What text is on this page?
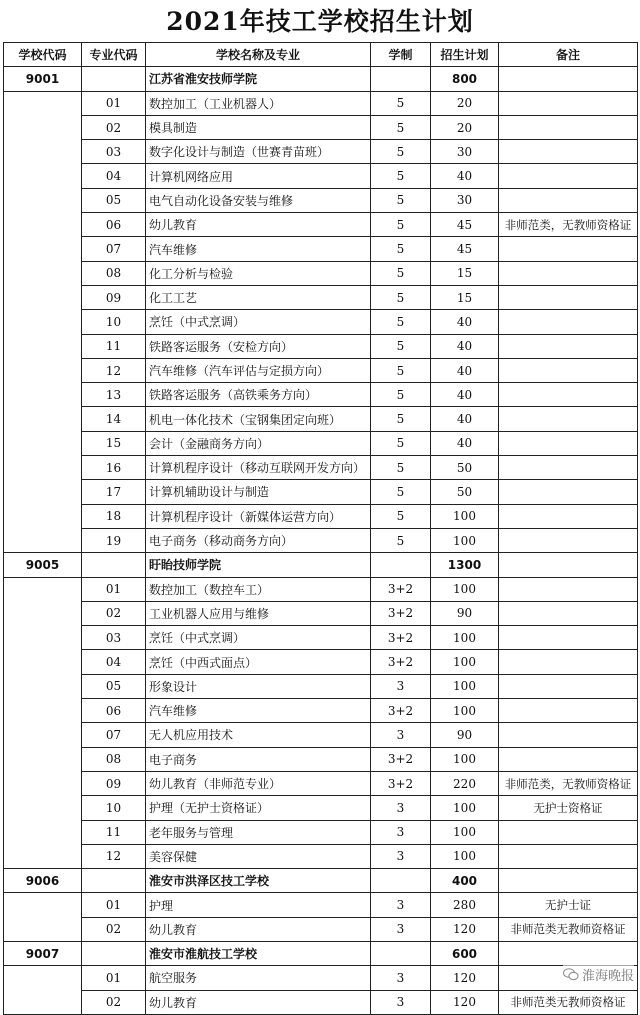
2021年技工学校招生计划
学校代码	专业代码	学校名称及专业	学制	招生计划	备注
9001		江苏省淮安技师学院		800	
	01	数控加工（工业机器人）	5	20	
	02	模具制造	5	20	
	03	数字化设计与制造（世赛青苗班）	5	30	
	04	计算机网络应用	5	40	
	05	电气自动化设备安装与维修	5	30	
	06	幼儿教育	5	45	非师范类，无教师资格证
	07	汽车维修	5	45	
	08	化工分析与检验	5	15	
	09	化工工艺	5	15	
	10	烹饪（中式烹调）	5	40	
	11	铁路客运服务（安检方向）	5	40	
	12	汽车维修（汽车评估与定损方向）	5	40	
	13	铁路客运服务（高铁乘务方向）	5	40	
	14	机电一体化技术（宝钢集团定向班）	5	40	
	15	会计（金融商务方向）	5	40	
	16	计算机程序设计（移动互联网开发方向）	5	50	
	17	计算机辅助设计与制造	5	50	
	18	计算机程序设计（新媒体运营方向）	5	100	
	19	电子商务（移动商务方向）	5	100	
9005		盱眙技师学院		1300	
	01	数控加工（数控车工）	3+2	100	
	02	工业机器人应用与维修	3+2	90	
	03	烹饪（中式烹调）	3+2	100	
	04	烹饪（中西式面点）	3+2	100	
	05	形象设计	3	100	
	06	汽车维修	3+2	100	
	07	无人机应用技术	3	90	
	08	电子商务	3+2	100	
	09	幼儿教育（非师范专业）	3+2	220	非师范类，无教师资格证
	10	护理（无护士资格证）	3	100	无护士资格证
	11	老年服务与管理	3	100	
	12	美容保健	3	100	
9006		淮安市洪泽区技工学校		400	
	01	护理	3	280	无护士证
	02	幼儿教育	3	120	非师范类无教师资格证
9007		淮安市淮航技工学校		600	
	01	航空服务	3	120	
	02	幼儿教育	3	120	非师范类无教师资格证
淮海晚报
